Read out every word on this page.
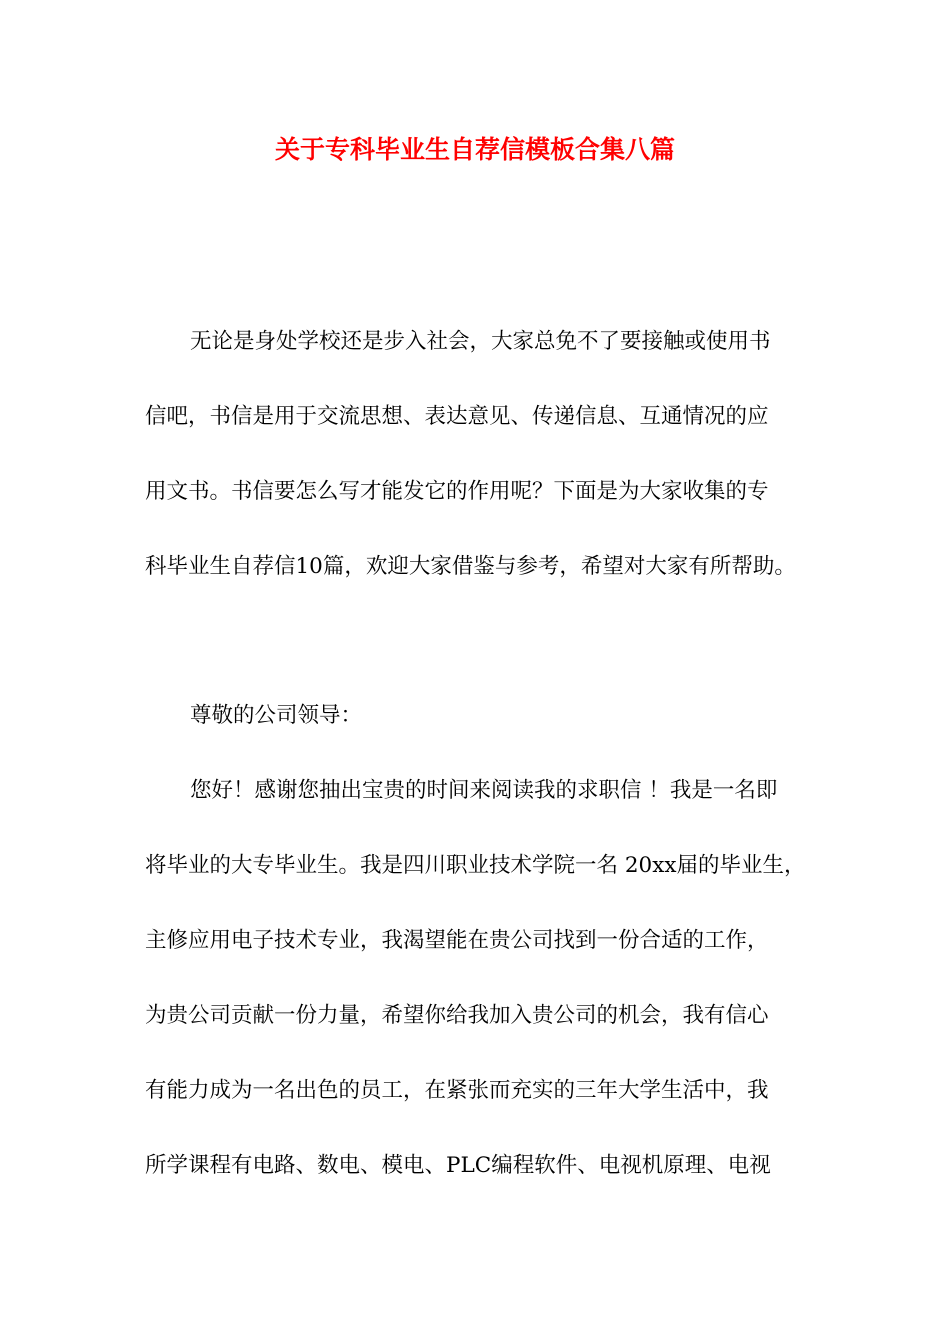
关于专科毕业生自荐信模板合集八篇
无论是身处学校还是步入社会，大家总免不了要接触或使用书
信吧，书信是用于交流思想、表达意见、传递信息、互通情况的应
用文书。书信要怎么写才能发它的作用呢？下面是为大家收集的专
科毕业生自荐信10篇，欢迎大家借鉴与参考，希望对大家有所帮助。
尊敬的公司领导：
您好！感谢您抽出宝贵的时间来阅读我的求职信 ！我是一名即
将毕业的大专毕业生。我是四川职业技术学院一名 20xx届的毕业生，
主修应用电子技术专业，我渴望能在贵公司找到一份合适的工作，
为贵公司贡献一份力量，希望你给我加入贵公司的机会，我有信心
有能力成为一名出色的员工，在紧张而充实的三年大学生活中，我
所学课程有电路、数电、模电、PLC编程软件、电视机原理、电视
